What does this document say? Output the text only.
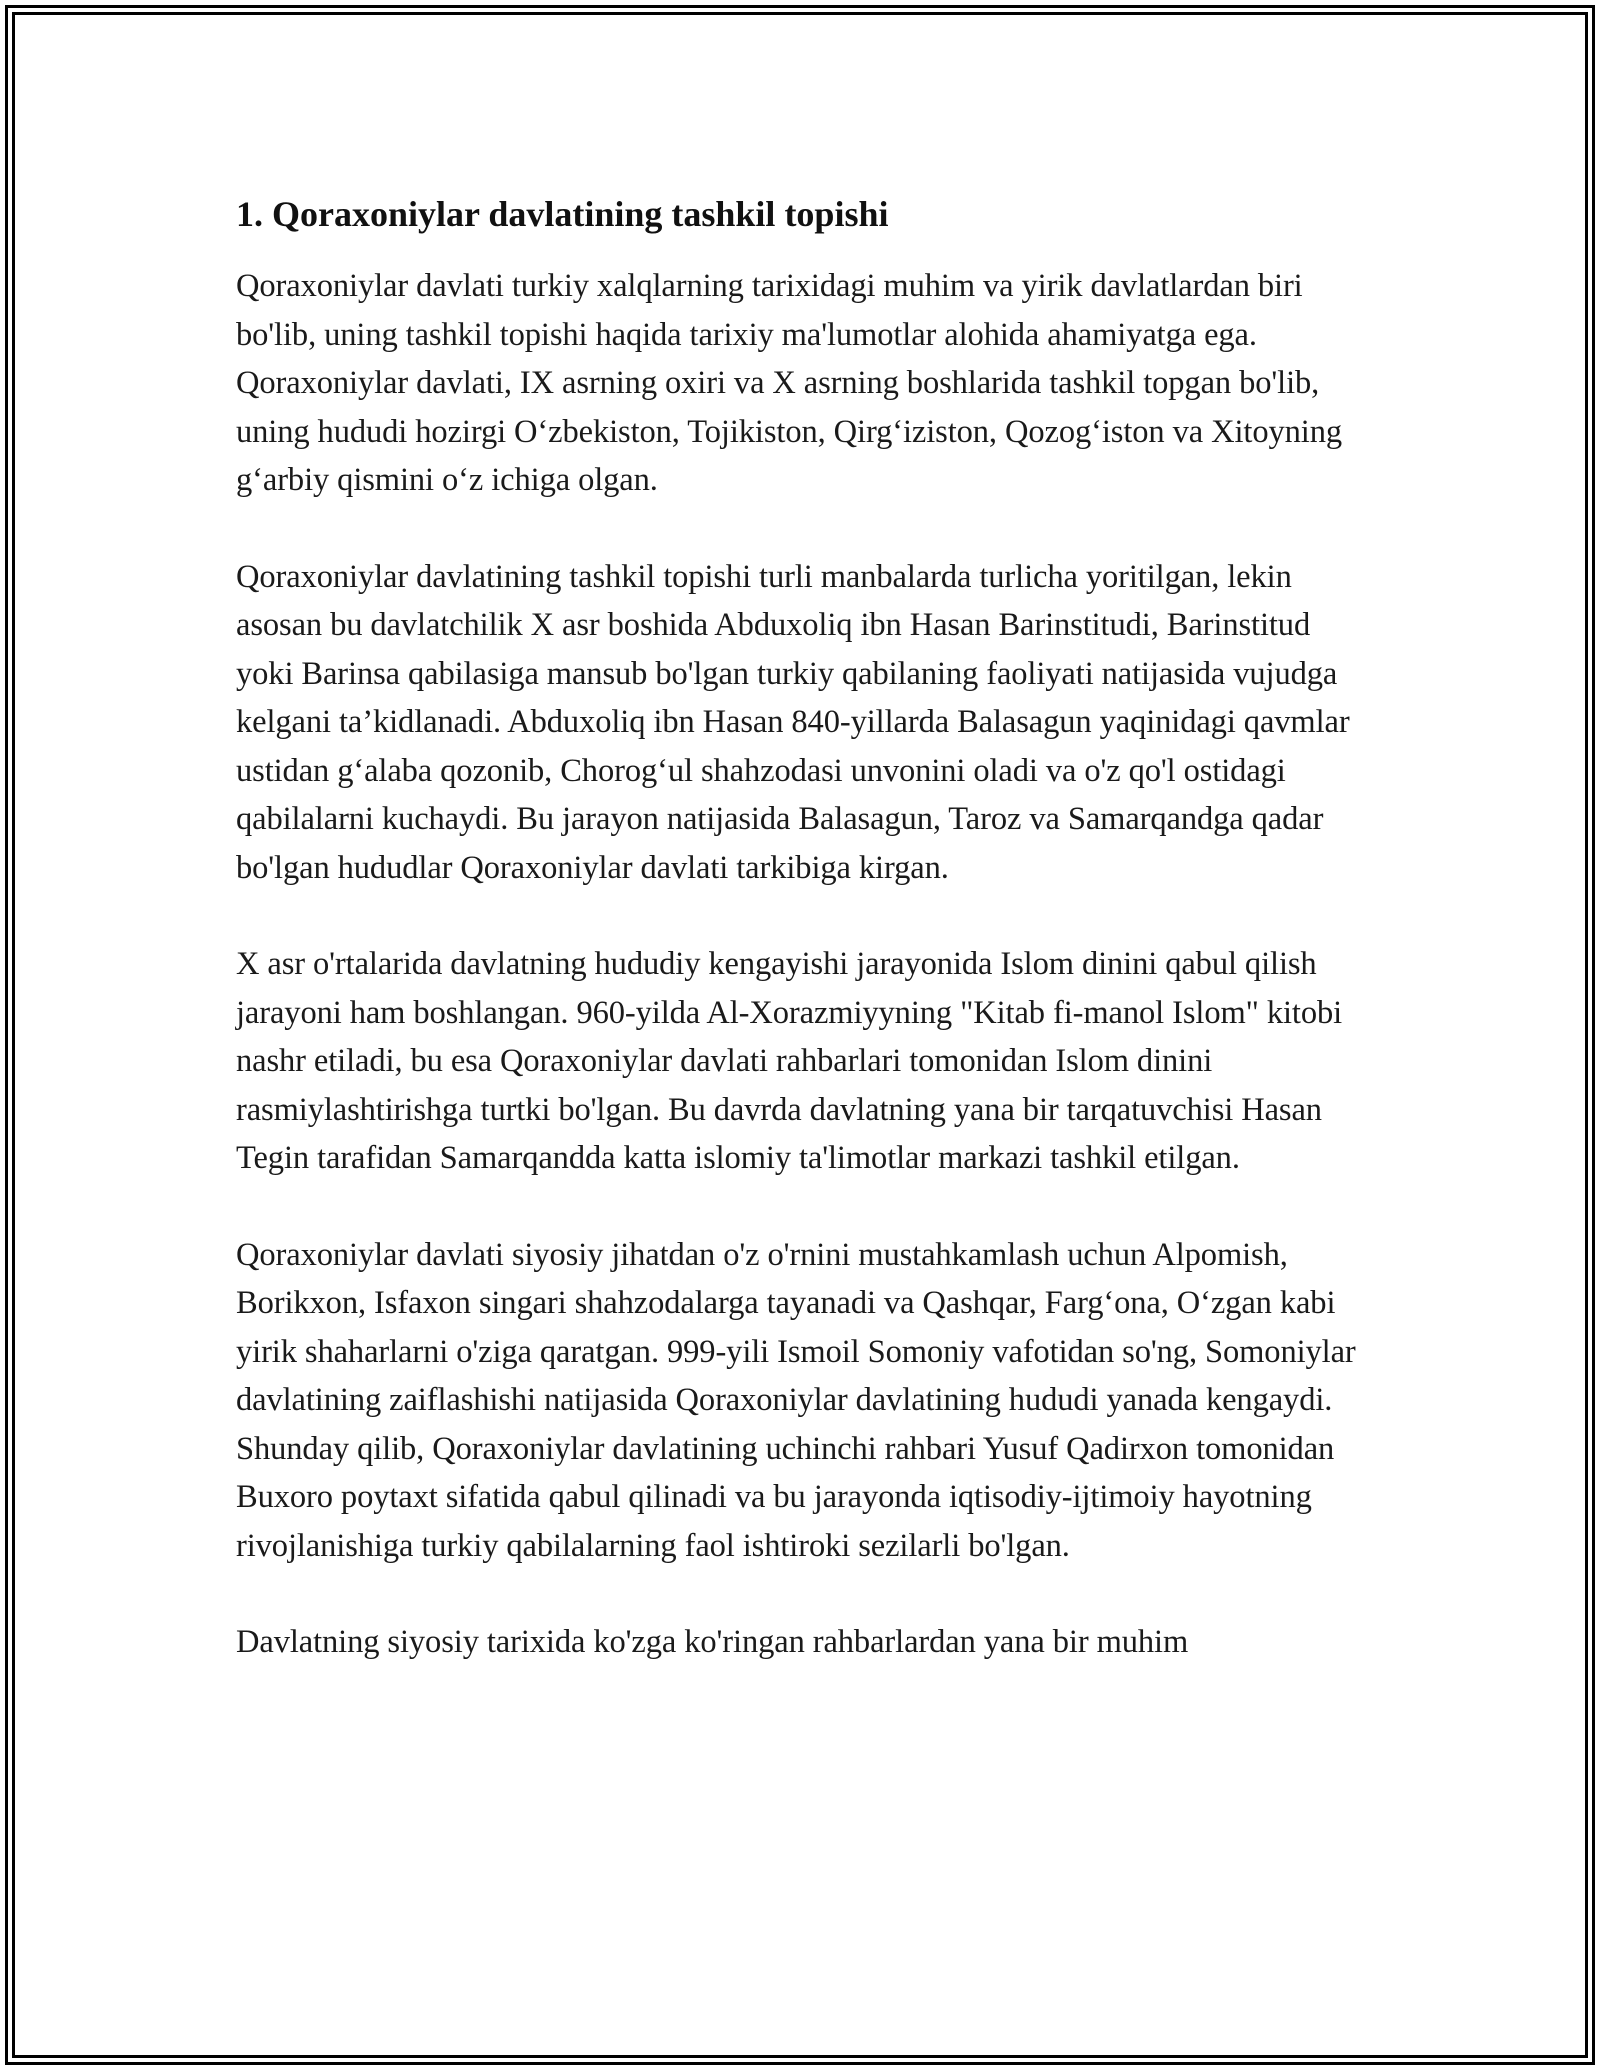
1. Qoraxoniylar davlatining tashkil topishi

Qoraxoniylar davlati turkiy xalqlarning tarixidagi muhim va yirik davlatlardan biri bo'lib, uning tashkil topishi haqida tarixiy ma'lumotlar alohida ahamiyatga ega. Qoraxoniylar davlati, IX asrning oxiri va X asrning boshlarida tashkil topgan bo'lib, uning hududi hozirgi O‘zbekiston, Tojikiston, Qirg‘iziston, Qozog‘iston va Xitoyning g‘arbiy qismini o‘z ichiga olgan.

Qoraxoniylar davlatining tashkil topishi turli manbalarda turlicha yoritilgan, lekin asosan bu davlatchilik X asr boshida Abduxoliq ibn Hasan Barinstitudi, Barinstitud yoki Barinsa qabilasiga mansub bo'lgan turkiy qabilaning faoliyati natijasida vujudga kelgani ta’kidlanadi. Abduxoliq ibn Hasan 840-yillarda Balasagun yaqinidagi qavmlar ustidan g‘alaba qozonib, Chorog‘ul shahzodasi unvonini oladi va o'z qo'l ostidagi qabilalarni kuchaydi. Bu jarayon natijasida Balasagun, Taroz va Samarqandga qadar bo'lgan hududlar Qoraxoniylar davlati tarkibiga kirgan.

X asr o'rtalarida davlatning hududiy kengayishi jarayonida Islom dinini qabul qilish jarayoni ham boshlangan. 960-yilda Al-Xorazmiyyning "Kitab fi-manol Islom" kitobi nashr etiladi, bu esa Qoraxoniylar davlati rahbarlari tomonidan Islom dinini rasmiylashtirishga turtki bo'lgan. Bu davrda davlatning yana bir tarqatuvchisi Hasan Tegin tarafidan Samarqandda katta islomiy ta'limotlar markazi tashkil etilgan.

Qoraxoniylar davlati siyosiy jihatdan o'z o'rnini mustahkamlash uchun Alpomish, Borikxon, Isfaxon singari shahzodalarga tayanadi va Qashqar, Farg‘ona, O‘zgan kabi yirik shaharlarni o'ziga qaratgan. 999-yili Ismoil Somoniy vafotidan so'ng, Somoniylar davlatining zaiflashishi natijasida Qoraxoniylar davlatining hududi yanada kengaydi. Shunday qilib, Qoraxoniylar davlatining uchinchi rahbari Yusuf Qadirxon tomonidan Buxoro poytaxt sifatida qabul qilinadi va bu jarayonda iqtisodiy-ijtimoiy hayotning rivojlanishiga turkiy qabilalarning faol ishtiroki sezilarli bo'lgan.

Davlatning siyosiy tarixida ko'zga ko'ringan rahbarlardan yana bir muhim
